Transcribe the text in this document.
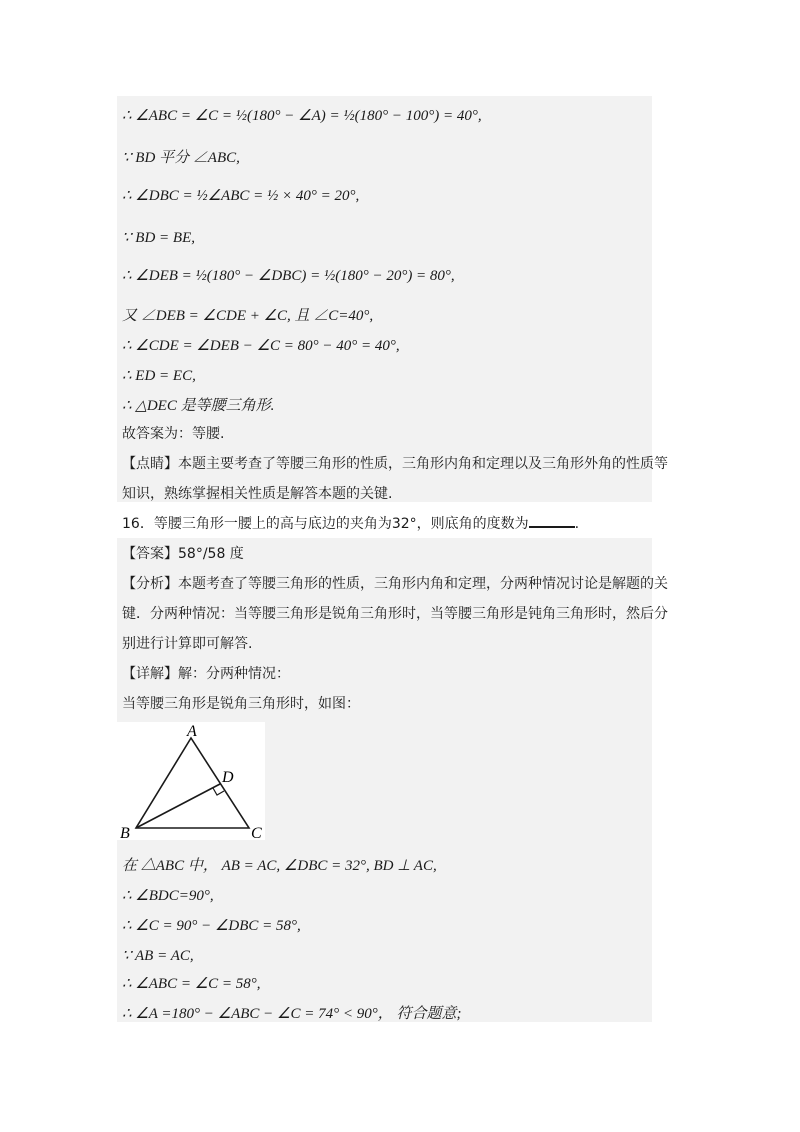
∴ ∠ABC = ∠C = ½(180° − ∠A) = ½(180° − 100°) = 40°,
∵ BD 平分 ∠ABC,
∴ ∠DBC = ½∠ABC = ½ × 40° = 20°,
∵ BD = BE,
∴ ∠DEB = ½(180° − ∠DBC) = ½(180° − 20°) = 80°,
又 ∠DEB = ∠CDE + ∠C, 且 ∠C=40°,
∴ ∠CDE = ∠DEB − ∠C = 80° − 40° = 40°,
∴ ED = EC,
∴ △DEC 是等腰三角形.
故答案为：等腰.
【点睛】本题主要考查了等腰三角形的性质，三角形内角和定理以及三角形外角的性质等
知识，熟练掌握相关性质是解答本题的关键.
16．等腰三角形一腰上的高与底边的夹角为32°，则底角的度数为	.
【答案】58°/58 度
【分析】本题考查了等腰三角形的性质，三角形内角和定理，分两种情况讨论是解题的关
键．分两种情况：当等腰三角形是锐角三角形时，当等腰三角形是钝角三角形时，然后分
别进行计算即可解答.
【详解】解：分两种情况：
当等腰三角形是锐角三角形时，如图：
A
B	C
D
在 △ABC 中， AB = AC, ∠DBC = 32°, BD ⊥ AC,
∴ ∠BDC=90°,
∴ ∠C = 90° − ∠DBC = 58°,
∵ AB = AC,
∴ ∠ABC = ∠C = 58°,
∴ ∠A =180° − ∠ABC − ∠C = 74° < 90°， 符合题意;
